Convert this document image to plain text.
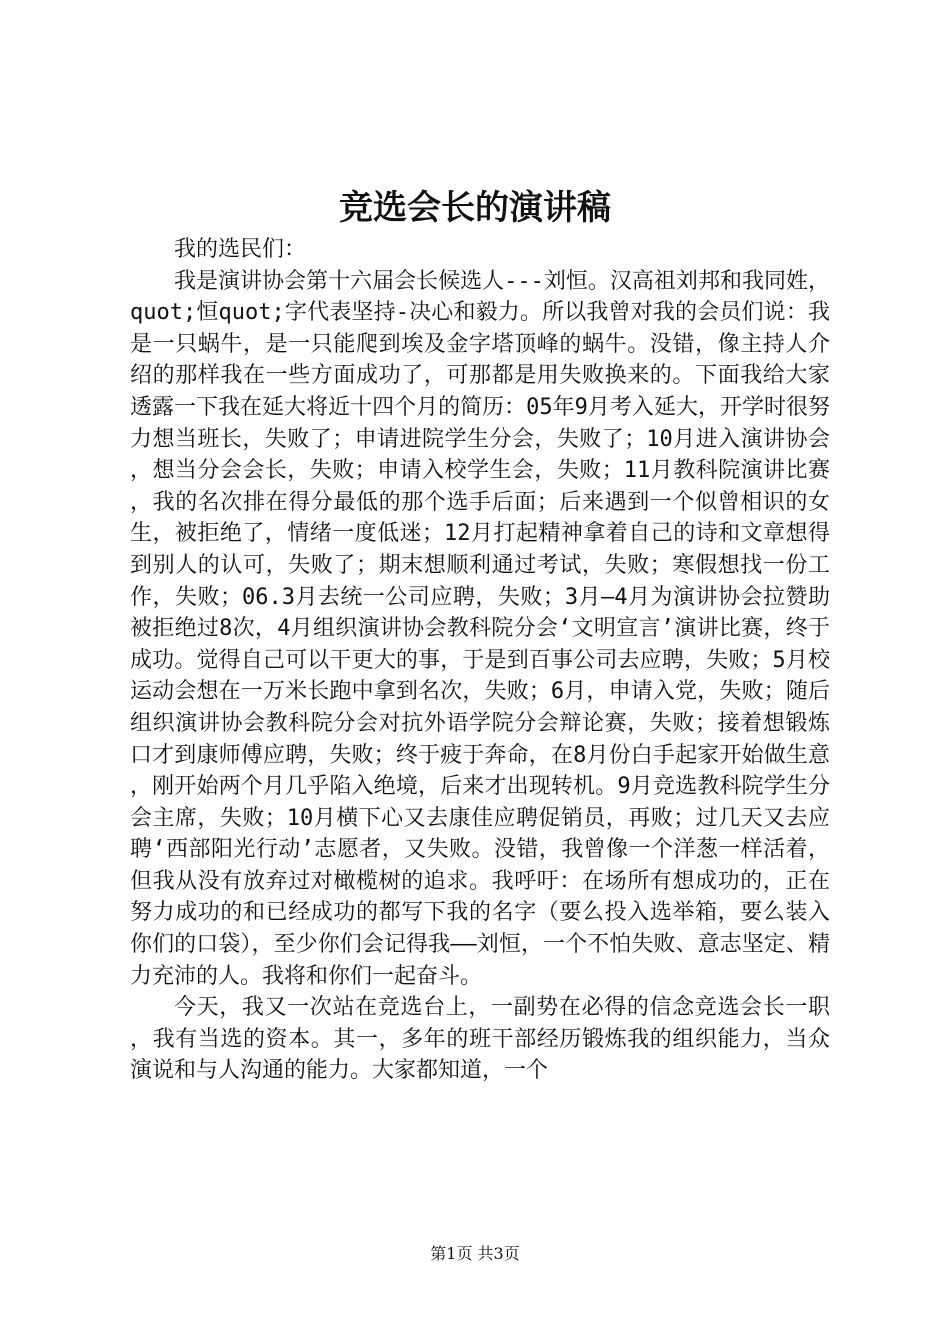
竞选会长的演讲稿

我的选民们：

我是演讲协会第十六届会长候选人---刘恒。汉高祖刘邦和我同姓，quot;恒quot;字代表坚持-决心和毅力。所以我曾对我的会员们说：我是一只蜗牛，是一只能爬到埃及金字塔顶峰的蜗牛。没错，像主持人介绍的那样我在一些方面成功了，可那都是用失败换来的。下面我给大家透露一下我在延大将近十四个月的简历：05年9月考入延大，开学时很努力想当班长，失败了；申请进院学生分会，失败了；10月进入演讲协会，想当分会会长，失败；申请入校学生会，失败；11月教科院演讲比赛，我的名次排在得分最低的那个选手后面；后来遇到一个似曾相识的女生，被拒绝了，情绪一度低迷；12月打起精神拿着自己的诗和文章想得到别人的认可，失败了；期末想顺利通过考试，失败；寒假想找一份工作，失败；06.3月去统一公司应聘，失败；3月—4月为演讲协会拉赞助被拒绝过8次，4月组织演讲协会教科院分会‘文明宣言’演讲比赛，终于成功。觉得自己可以干更大的事，于是到百事公司去应聘，失败；5月校运动会想在一万米长跑中拿到名次，失败；6月，申请入党，失败；随后组织演讲协会教科院分会对抗外语学院分会辩论赛，失败；接着想锻炼口才到康师傅应聘，失败；终于疲于奔命，在8月份白手起家开始做生意，刚开始两个月几乎陷入绝境，后来才出现转机。9月竞选教科院学生分会主席，失败；10月横下心又去康佳应聘促销员，再败；过几天又去应聘‘西部阳光行动’志愿者，又失败。没错，我曾像一个洋葱一样活着，但我从没有放弃过对橄榄树的追求。我呼吁：在场所有想成功的，正在努力成功的和已经成功的都写下我的名字（要么投入选举箱，要么装入你们的口袋），至少你们会记得我——刘恒，一个不怕失败、意志坚定、精力充沛的人。我将和你们一起奋斗。

今天，我又一次站在竞选台上，一副势在必得的信念竞选会长一职，我有当选的资本。其一，多年的班干部经历锻炼我的组织能力，当众演说和与人沟通的能力。大家都知道，一个

第1页 共3页
